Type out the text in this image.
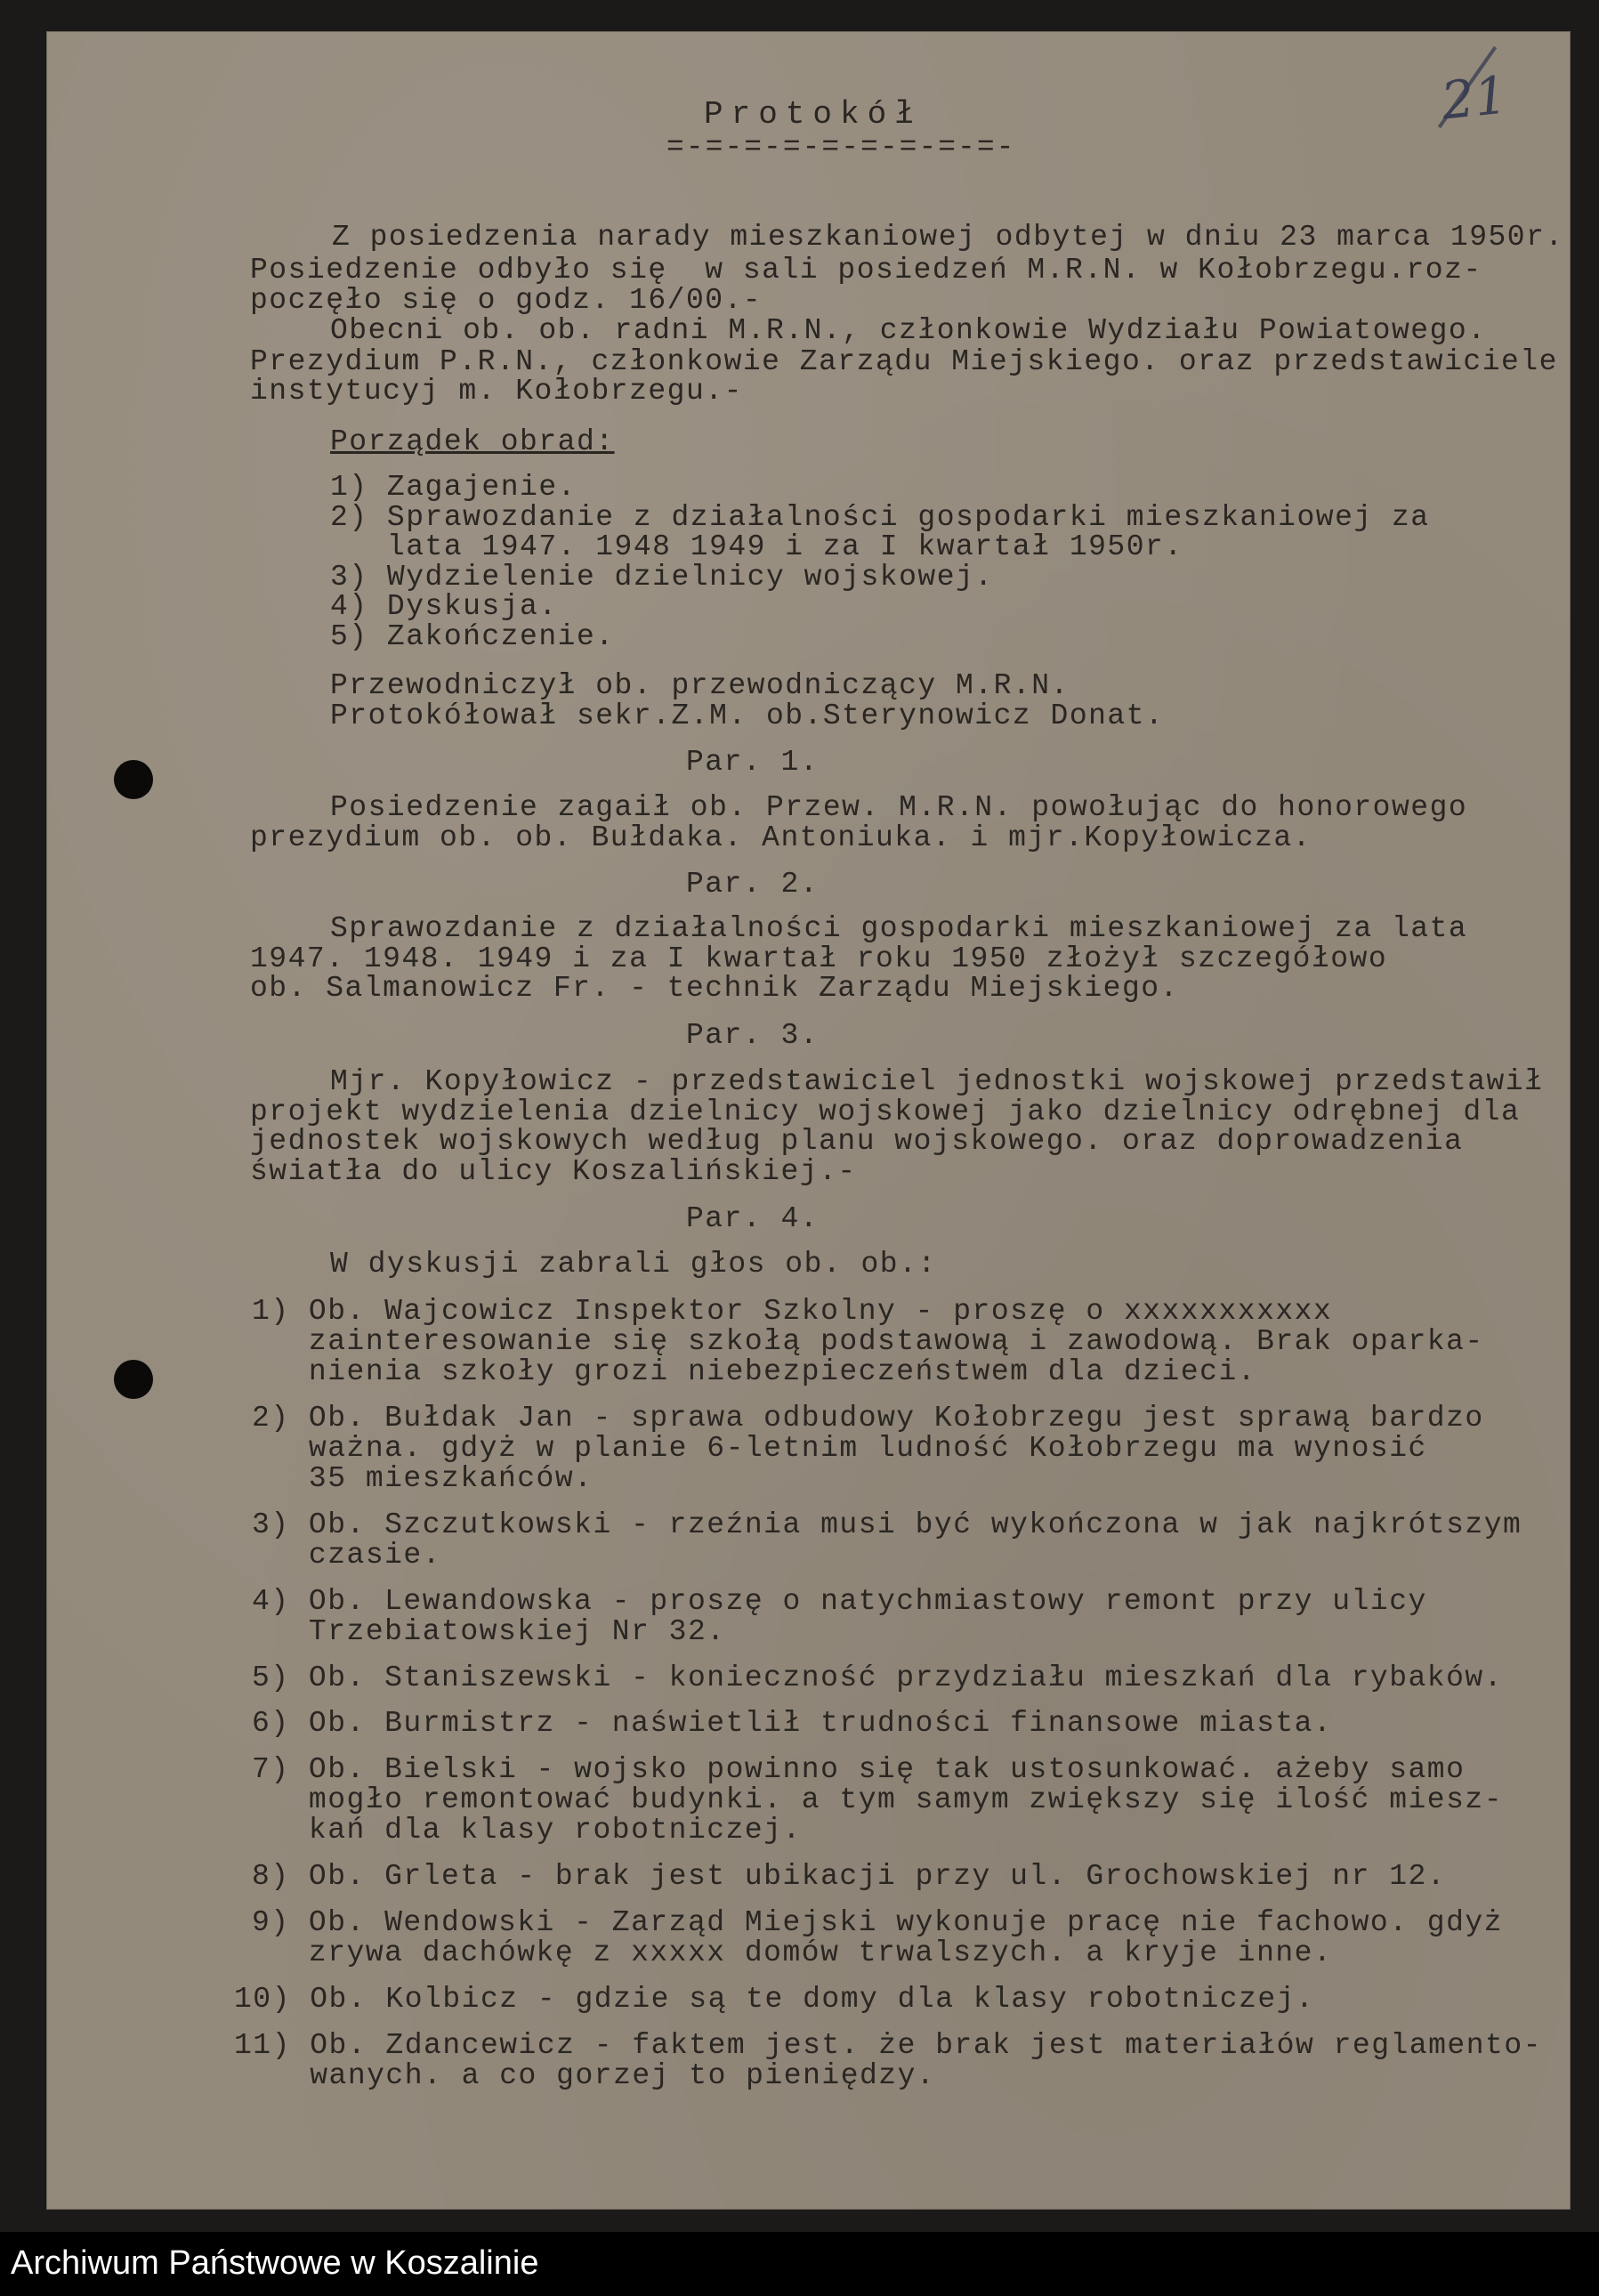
21
Protokół
=-=-=-=-=-=-=-=-=-
Z posiedzenia narady mieszkaniowej odbytej w dniu 23 marca 1950r.
Posiedzenie odbyło się  w sali posiedzeń M.R.N. w Kołobrzegu.roz-
poczęło się o godz. 16/00.-
Obecni ob. ob. radni M.R.N., członkowie Wydziału Powiatowego.
Prezydium P.R.N., członkowie Zarządu Miejskiego. oraz przedstawiciele
instytucyj m. Kołobrzegu.-
Porządek obrad:
1) Zagajenie.
2) Sprawozdanie z działalności gospodarki mieszkaniowej za
lata 1947. 1948 1949 i za I kwartał 1950r.
3) Wydzielenie dzielnicy wojskowej.
4) Dyskusja.
5) Zakończenie.
Przewodniczył ob. przewodniczący M.R.N.
Protokółował sekr.Z.M. ob.Sterynowicz Donat.
Par. 1.
Posiedzenie zagaił ob. Przew. M.R.N. powołując do honorowego
prezydium ob. ob. Bułdaka. Antoniuka. i mjr.Kopyłowicza.
Par. 2.
Sprawozdanie z działalności gospodarki mieszkaniowej za lata
1947. 1948. 1949 i za I kwartał roku 1950 złożył szczegółowo
ob. Salmanowicz Fr. - technik Zarządu Miejskiego.
Par. 3.
Mjr. Kopyłowicz - przedstawiciel jednostki wojskowej przedstawił
projekt wydzielenia dzielnicy wojskowej jako dzielnicy odrębnej dla
jednostek wojskowych według planu wojskowego. oraz doprowadzenia
światła do ulicy Koszalińskiej.-
Par. 4.
W dyskusji zabrali głos ob. ob.:
1) Ob. Wajcowicz Inspektor Szkolny - proszę o xxxxxxxxxxx
zainteresowanie się szkołą podstawową i zawodową. Brak oparka-
nienia szkoły grozi niebezpieczeństwem dla dzieci.
2) Ob. Bułdak Jan - sprawa odbudowy Kołobrzegu jest sprawą bardzo
ważna. gdyż w planie 6-letnim ludność Kołobrzegu ma wynosić
35 mieszkańców.
3) Ob. Szczutkowski - rzeźnia musi być wykończona w jak najkrótszym
czasie.
4) Ob. Lewandowska - proszę o natychmiastowy remont przy ulicy
Trzebiatowskiej Nr 32.
5) Ob. Staniszewski - konieczność przydziału mieszkań dla rybaków.
6) Ob. Burmistrz - naświetlił trudności finansowe miasta.
7) Ob. Bielski - wojsko powinno się tak ustosunkować. ażeby samo
mogło remontować budynki. a tym samym zwiększy się ilość miesz-
kań dla klasy robotniczej.
8) Ob. Grleta - brak jest ubikacji przy ul. Grochowskiej nr 12.
9) Ob. Wendowski - Zarząd Miejski wykonuje pracę nie fachowo. gdyż
zrywa dachówkę z xxxxx domów trwalszych. a kryje inne.
10) Ob. Kolbicz - gdzie są te domy dla klasy robotniczej.
11) Ob. Zdancewicz - faktem jest. że brak jest materiałów reglamento-
wanych. a co gorzej to pieniędzy.
Archiwum Państwowe w Koszalinie
